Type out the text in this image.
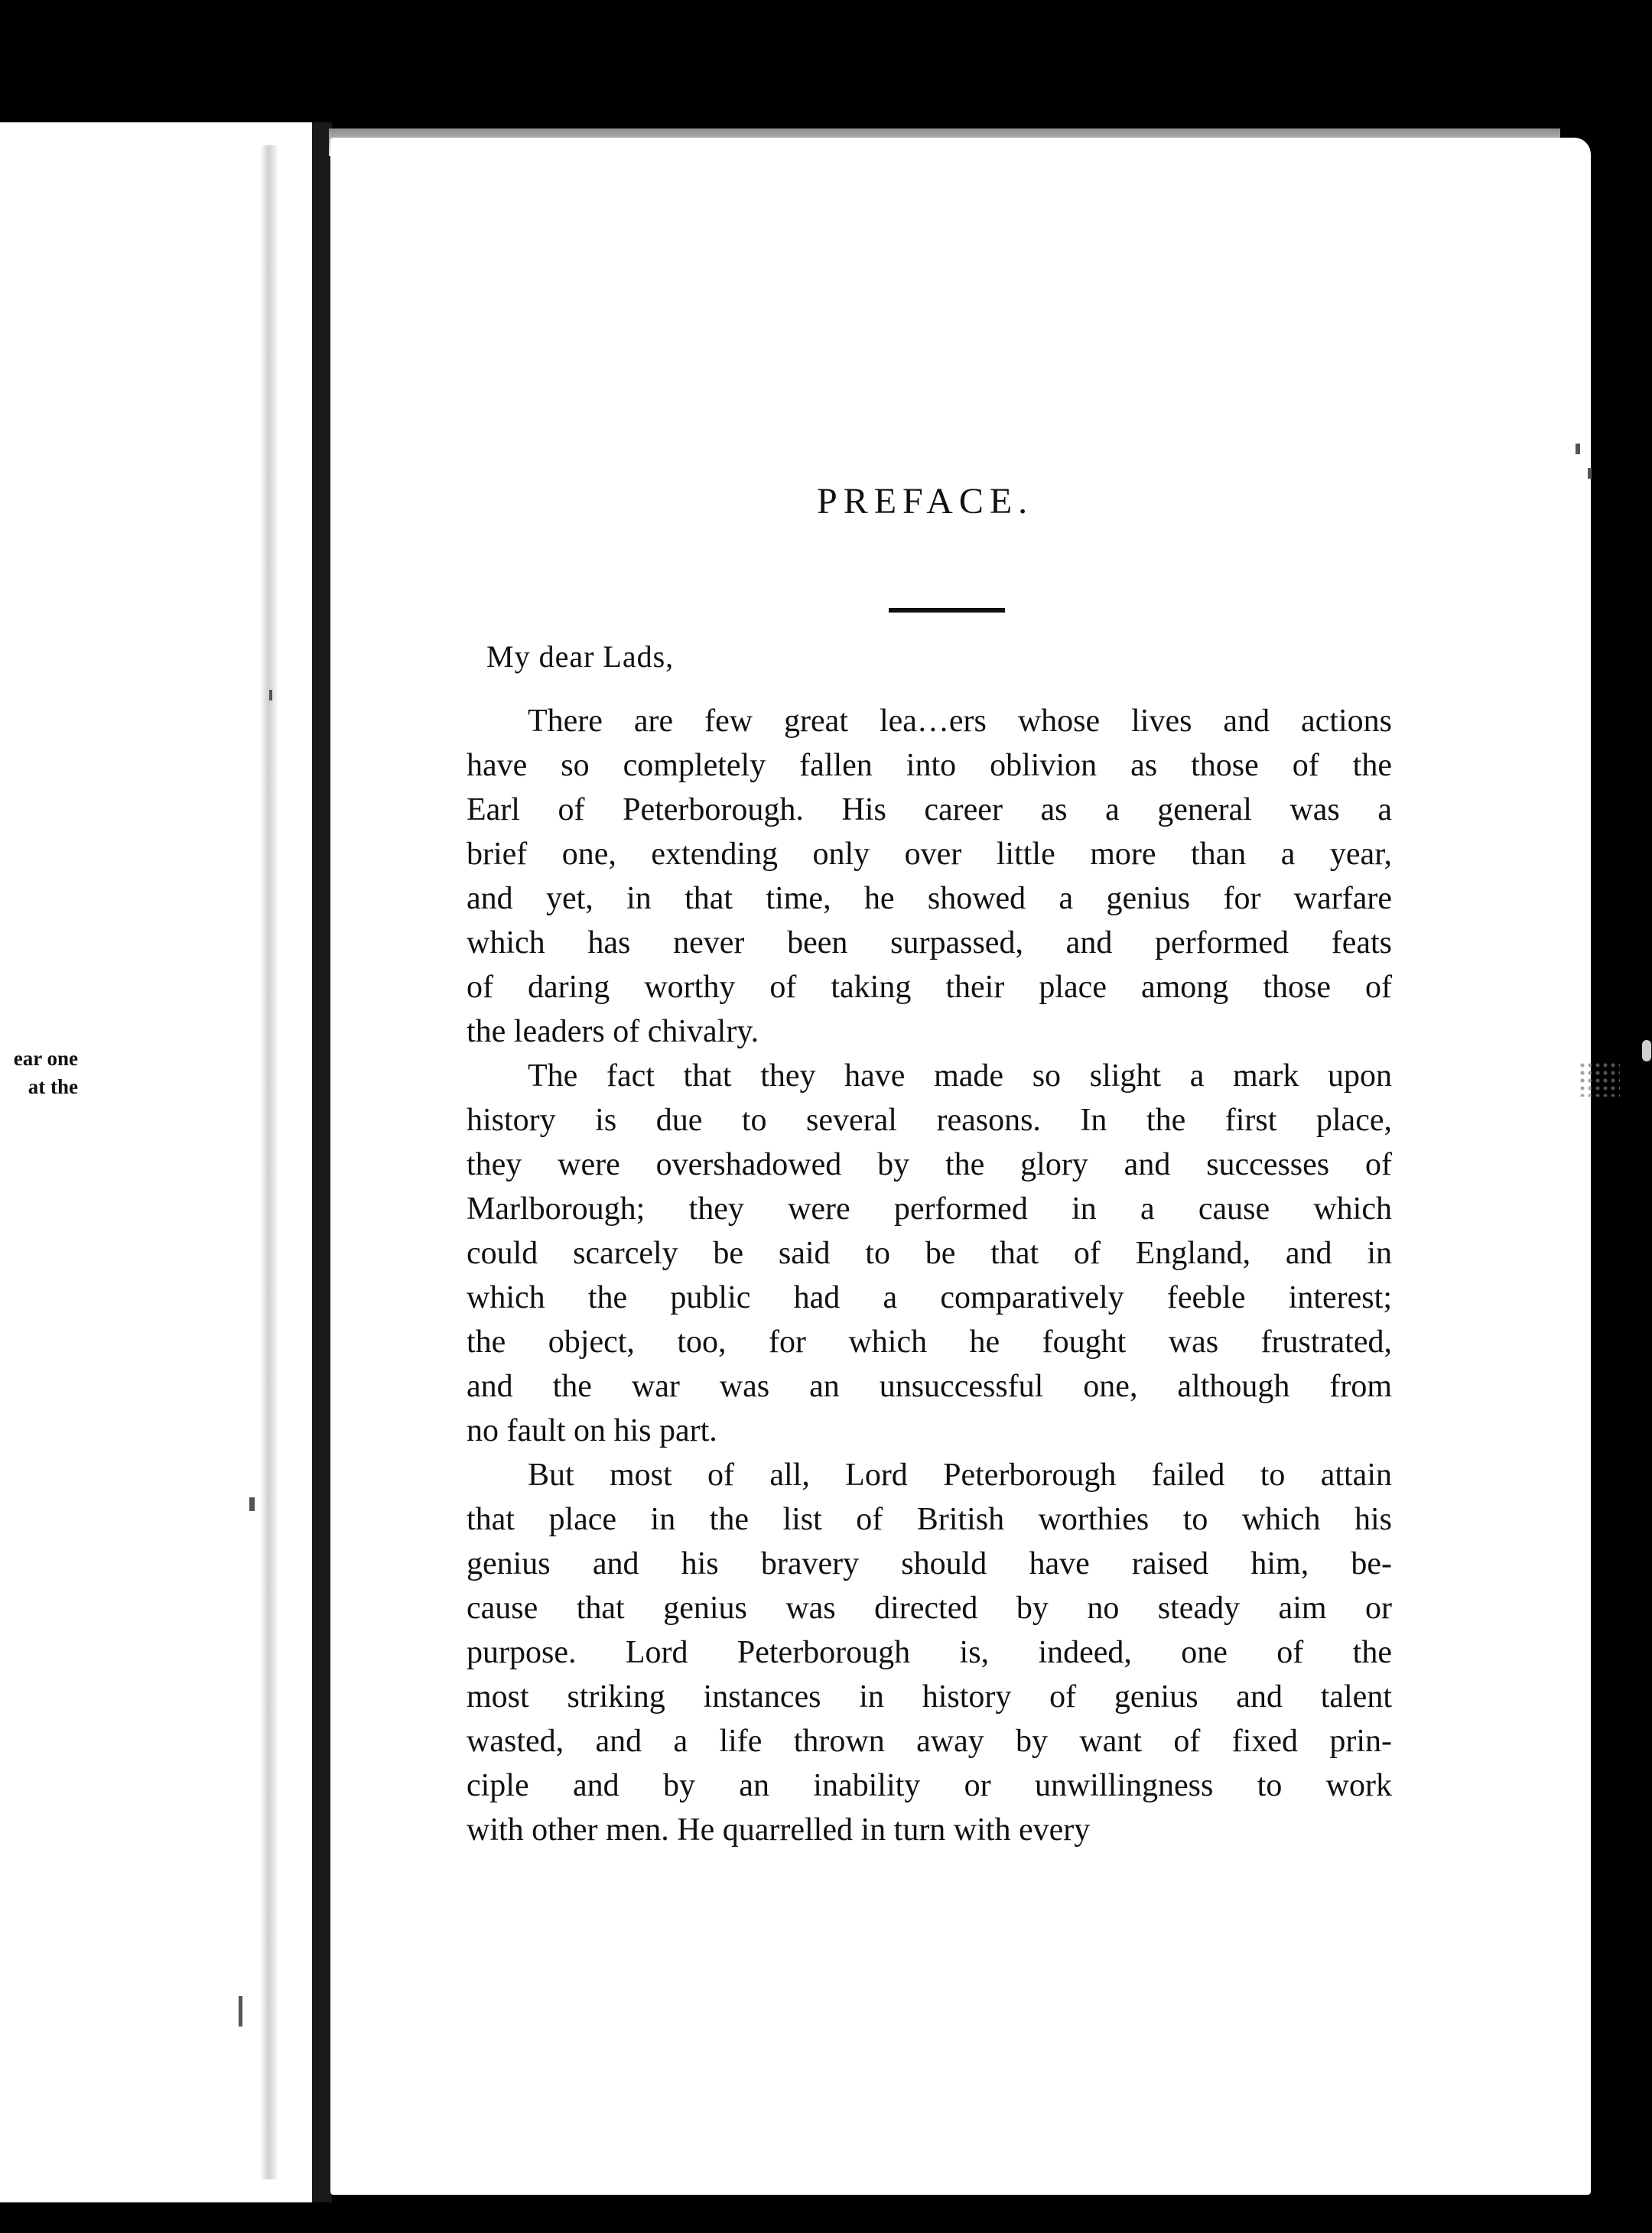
ear one
at the
PREFACE.
My dear Lads,
There are few great lea…ers whose lives and actions
have so completely fallen into oblivion as those of the
Earl of Peterborough. His career as a general was a
brief one, extending only over little more than a year,
and yet, in that time, he showed a genius for warfare
which has never been surpassed, and performed feats
of daring worthy of taking their place among those of
the leaders of chivalry.
The fact that they have made so slight a mark upon
history is due to several reasons. In the first place,
they were overshadowed by the glory and successes of
Marlborough; they were performed in a cause which
could scarcely be said to be that of England, and in
which the public had a comparatively feeble interest;
the object, too, for which he fought was frustrated,
and the war was an unsuccessful one, although from
no fault on his part.
But most of all, Lord Peterborough failed to attain
that place in the list of British worthies to which his
genius and his bravery should have raised him, be-
cause that genius was directed by no steady aim or
purpose. Lord Peterborough is, indeed, one of the
most striking instances in history of genius and talent
wasted, and a life thrown away by want of fixed prin-
ciple and by an inability or unwillingness to work
with other men. He quarrelled in turn with every
